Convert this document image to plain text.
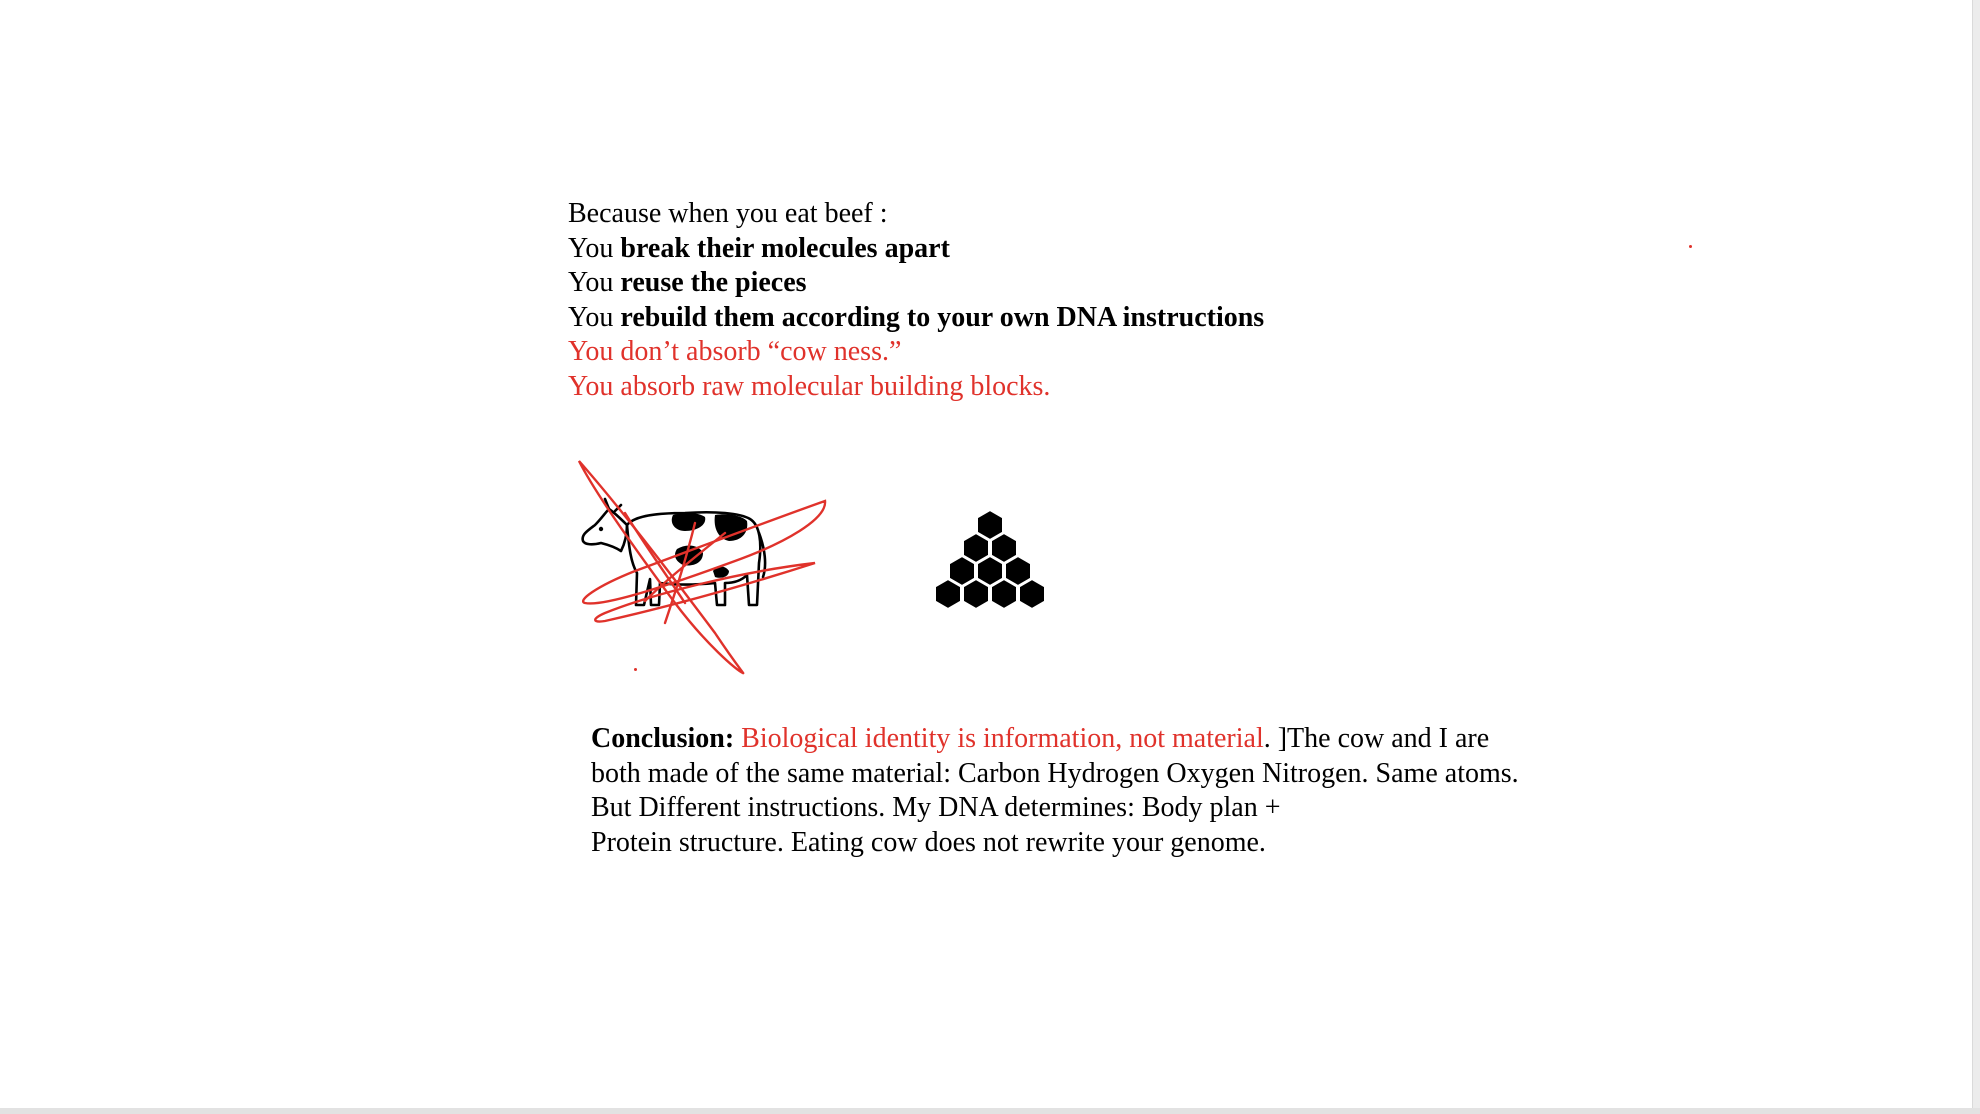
Because when you eat beef :
You break their molecules apart
You reuse the pieces
You rebuild them according to your own DNA instructions
You don’t absorb “cow ness.”
You absorb raw molecular building blocks.
Conclusion: Biological identity is information, not material. ]The cow and I are
both made of the same material: Carbon Hydrogen Oxygen Nitrogen. Same atoms.
But Different instructions. My DNA determines: Body plan +
Protein structure. Eating cow does not rewrite your genome.
